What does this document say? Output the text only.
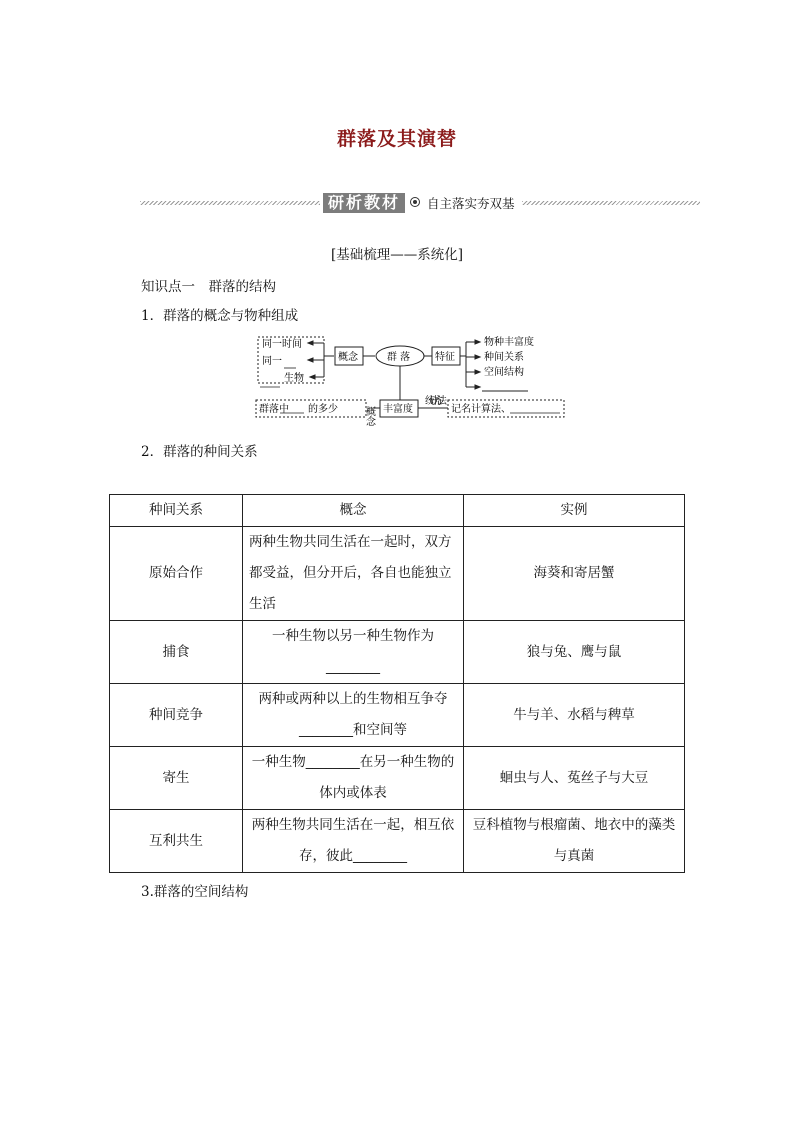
群落及其演替
研析教材	自主落实夯双基
[基础梳理——系统化]
知识点一　群落的结构
1．群落的概念与物种组成
同一时间
同一
生物
概念	群 落 特征
物种丰富度
种间关系
空间结构
群落中 的多少	概念 丰富度
统计方法
记名计算法、
2．群落的种间关系
种间关系	概念	实例
原始合作	两种生物共同生活在一起时，双方都受益，但分开后，各自也能独立生活	海葵和寄居蟹
捕食	一种生物以另一种生物作为________	狼与兔、鹰与鼠
种间竞争	两种或两种以上的生物相互争夺________和空间等	牛与羊、水稻与稗草
寄生	一种生物________在另一种生物的体内或体表	蛔虫与人、菟丝子与大豆
互利共生	两种生物共同生活在一起，相互依存，彼此________	豆科植物与根瘤菌、地衣中的藻类与真菌
3.群落的空间结构
